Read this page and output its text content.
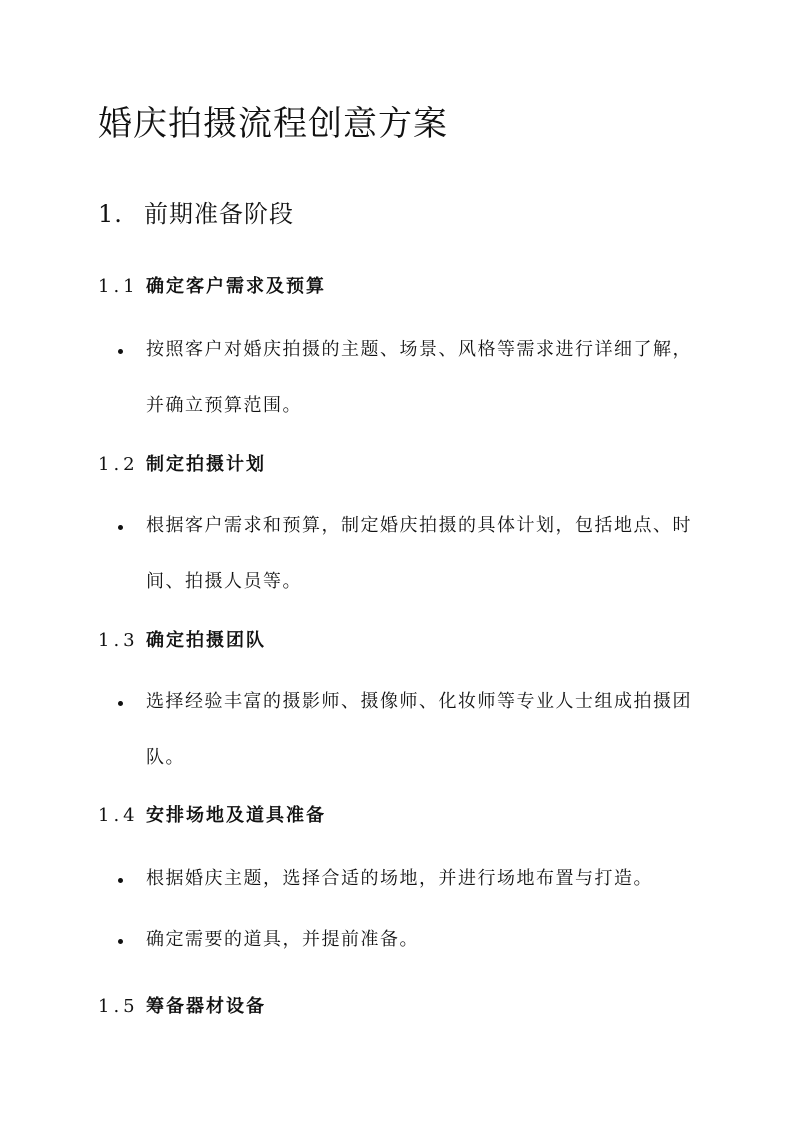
婚庆拍摄流程创意方案
1. 前期准备阶段
1.1 确定客户需求及预算
按照客户对婚庆拍摄的主题、场景、风格等需求进行详细了解，并确立预算范围。
1.2 制定拍摄计划
根据客户需求和预算，制定婚庆拍摄的具体计划，包括地点、时间、拍摄人员等。
1.3 确定拍摄团队
选择经验丰富的摄影师、摄像师、化妆师等专业人士组成拍摄团队。
1.4 安排场地及道具准备
根据婚庆主题，选择合适的场地，并进行场地布置与打造。
确定需要的道具，并提前准备。
1.5 筹备器材设备
